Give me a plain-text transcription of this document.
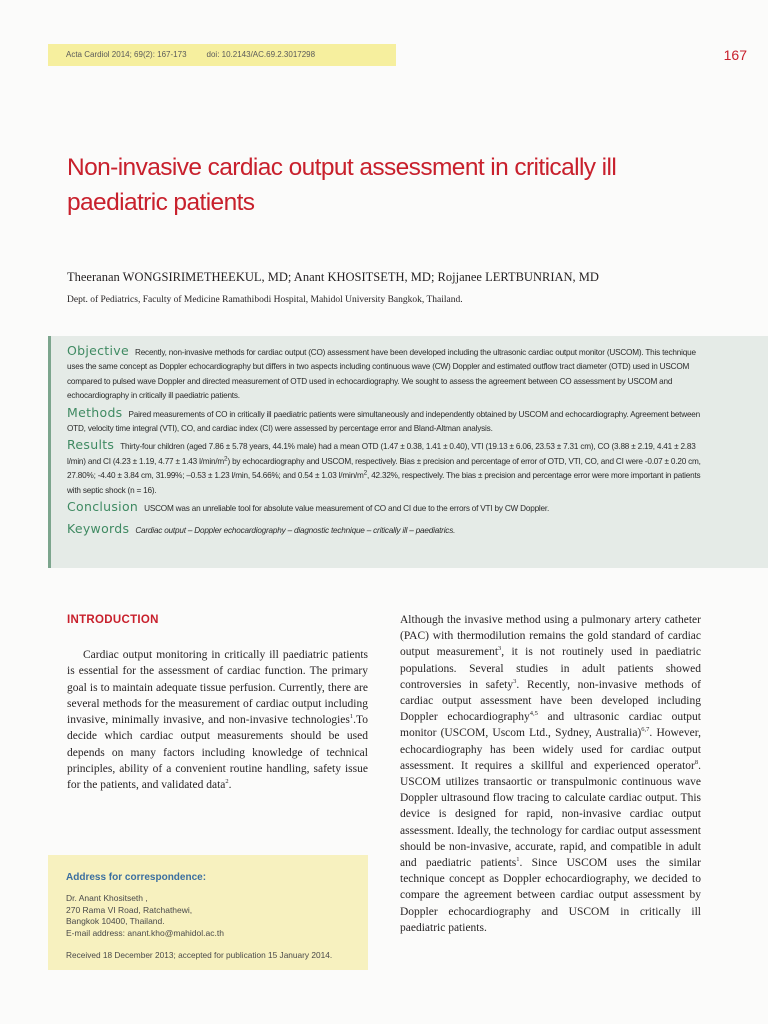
Acta Cardiol 2014; 69(2): 167-173	doi: 10.2143/AC.69.2.3017298	167
Non-invasive cardiac output assessment in critically ill paediatric patients
Theeranan WONGSIRIMETHEEKUL, MD; Anant KHOSITSETH, MD; Rojjanee LERTBUNRIAN, MD
Dept. of Pediatrics, Faculty of Medicine Ramathibodi Hospital, Mahidol University Bangkok, Thailand.

Objective Recently, non-invasive methods for cardiac output (CO) assessment have been developed including the ultrasonic cardiac output monitor (USCOM). This technique uses the same concept as Doppler echocardiography but differs in two aspects including continuous wave (CW) Doppler and estimated outflow tract diameter (OTD) used in USCOM compared to pulsed wave Doppler and directed measurement of OTD used in echocardiography. We sought to assess the agreement between CO assessment by USCOM and echocardiography in critically ill paediatric patients.

Methods Paired measurements of CO in critically ill paediatric patients were simultaneously and independently obtained by USCOM and echocardiography. Agreement between OTD, velocity time integral (VTI), CO, and cardiac index (CI) were assessed by percentage error and Bland-Altman analysis.

Results Thirty-four children (aged 7.86 ± 5.78 years, 44.1% male) had a mean OTD (1.47 ± 0.38, 1.41 ± 0.40), VTI (19.13 ± 6.06, 23.53 ± 7.31 cm), CO (3.88 ± 2.19, 4.41 ± 2.83 l/min) and CI (4.23 ± 1.19, 4.77 ± 1.43 $l/\min/m^2$) by echocardiography and USCOM, respectively. Bias ± precision and percentage of error of OTD, VTI, CO, and CI were -0.07 ± 0.20 cm, 27.80%; -4.40 ± 3.84 cm, 31.99%; –0.53 ± 1.23 l/min, 54.66%; and 0.54 ± 1.03 $l/\min/m^2$, 42.32%, respectively. The bias ± precision and percentage error were more important in patients with septic shock (n = 16).

Conclusion USCOM was an unreliable tool for absolute value measurement of CO and CI due to the errors of VTI by CW Doppler.

Keywords Cardiac output – Doppler echocardiography – diagnostic technique – critically ill – paediatrics.

INTRODUCTION

Cardiac output monitoring in critically ill paediatric patients is essential for the assessment of cardiac function. The primary goal is to maintain adequate tissue perfusion. Currently, there are several methods for the measurement of cardiac output including invasive, minimally invasive, and non-invasive technologies$^1$.To decide which cardiac output measurements should be used depends on many factors including knowledge of technical principles, ability of a convenient routine handling, safety issue for the patients, and validated data$^2$.

Although the invasive method using a pulmonary artery catheter (PAC) with thermodilution remains the gold standard of cardiac output measurement$^3$, it is not routinely used in paediatric populations. Several studies in adult patients showed controversies in safety$^3$. Recently, non-invasive methods of cardiac output assessment have been developed including Doppler echocardiography$^{4,5}$ and ultrasonic cardiac output monitor (USCOM, Uscom Ltd., Sydney, Australia)$^{6,7}$. However, echocardiography has been widely used for cardiac output assessment. It requires a skillful and experienced operator$^8$. USCOM utilizes transaortic or transpulmonic continuous wave Doppler ultrasound flow tracing to calculate cardiac output. This device is designed for rapid, non-invasive cardiac output assessment. Ideally, the technology for cardiac output assessment should be non-invasive, accurate, rapid, and compatible in adult and paediatric patients$^1$. Since USCOM uses the similar technique concept as Doppler echocardiography, we decided to compare the agreement between cardiac output assessment by Doppler echocardiography and USCOM in critically ill paediatric patients.

Address for correspondence:
Dr. Anant Khositseth ,
270 Rama VI Road, Ratchathewi,
Bangkok 10400, Thailand.
E-mail address: anant.kho@mahidol.ac.th
Received 18 December 2013; accepted for publication 15 January 2014.
